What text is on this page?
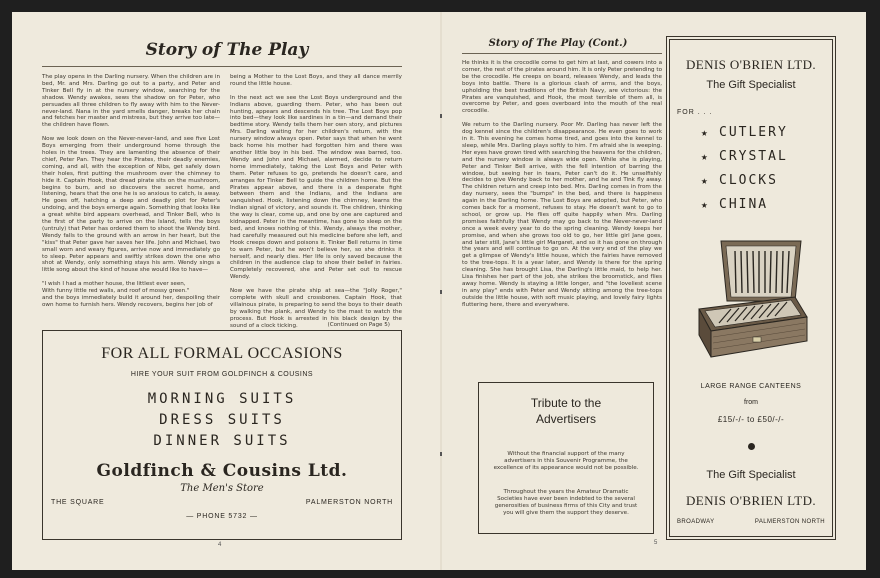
Story of The Play
The play opens in the Darling nursery. When the children are in bed, Mr. and Mrs. Darling go out to a party, and Peter and Tinker Bell fly in at the nursery window, searching for the shadow. Wendy awakes, sews the shadow on for Peter, who persuades all three children to fly away with him to the Never-never-land. Nana in the yard smells danger, breaks her chain and fetches her master and mistress, but they arrive too late—the children have flown.

Now we look down on the Never-never-land, and see five Lost Boys emerging from their underground home through the holes in the trees. They are lamenting the absence of their chief, Peter Pan. They hear the Pirates, their deadly enemies, coming, and all, with the exception of Nibs, get safely down their holes, first putting the mushroom over the chimney to hide it. Captain Hook, that dread pirate sits on the mushroom, begins to burn, and so discovers the secret home, and listening, hears that the one he is so anxious to catch, is away. He goes off, hatching a deep and deadly plot for Peter's undoing, and the boys emerge again. Something that looks like a great white bird appears overhead, and Tinker Bell, who is the first of the party to arrive on the Island, tells the boys (untruly) that Peter has ordered them to shoot the Wendy bird. Wendy falls to the ground with an arrow in her heart, but the "kiss" that Peter gave her saves her life. John and Michael, two small worn and weary figures, arrive now and immediately go to sleep. Peter appears and swiftly strikes down the one who shot at Wendy, only something stays his arm. Wendy sings a little song about the kind of house she would like to have—

"I wish I had a mother house, the littlest ever seen,
With funny little red walls, and roof of mossy green."
and the boys immediately build it around her, despoiling their own home to furnish hers. Wendy recovers, begins her job of
being a Mother to the Lost Boys, and they all dance merrily round the little house.

In the next act we see the Lost Boys underground and the Indians above, guarding them. Peter, who has been out hunting, appears and descends his tree. The Lost Boys pop into bed—they look like sardines in a tin—and demand their bedtime story. Wendy tells them her own story, and pictures Mrs. Darling waiting for her children's return, with the nursery window always open. Peter says that when he went back home his mother had forgotten him and there was another little boy in his bed. The window was barred, too. Wendy and John and Michael, alarmed, decide to return home immediately, taking the Lost Boys and Peter with them. Peter refuses to go, pretends he doesn't care, and arranges for Tinker Bell to guide the children home. But the Pirates appear above, and there is a desperate fight between them and the Indians, and the Indians are vanquished. Hook, listening down the chimney, learns the Indian signal of victory, and sounds it. The children, thinking the way is clear, come up, and one by one are captured and kidnapped. Peter in the meantime, has gone to sleep on the bed, and knows nothing of this. Wendy, always the mother, had carefully measured out his medicine before she left, and Hook creeps down and poisons it. Tinker Bell returns in time to warn Peter, but he won't believe her, so she drinks it herself, and nearly dies. Her life is only saved because the children in the audience clap to show their belief in fairies. Completely recovered, she and Peter set out to rescue Wendy.

Now we have the pirate ship at sea—the "Jolly Roger," complete with skull and crossbones. Captain Hook, that villainous pirate, is preparing to send the boys to their death by walking the plank, and Wendy to the mast to watch the process. But Hook is arrested in his black design by the sound of a clock ticking.	(Continued on Page 5)
FOR ALL FORMAL OCCASIONS
HIRE YOUR SUIT FROM GOLDFINCH & COUSINS
MORNING SUITS
DRESS SUITS
DINNER SUITS
Goldfinch & Cousins Ltd.
The Men's Store
THE SQUARE	PALMERSTON NORTH
— PHONE 5732 —
4
Story of The Play (Cont.)
He thinks it is the crocodile come to get him at last, and cowers into a corner, the rest of the pirates around him. It is only Peter pretending to be the crocodile. He creeps on board, releases Wendy, and leads the boys into battle. There is a glorious clash of arms, and the boys, upholding the best traditions of the British Navy, are victorious: the Pirates are vanquished, and Hook, the most terrible of them all, is overcome by Peter, and goes overboard into the mouth of the real crocodile.

We return to the Darling nursery. Poor Mr. Darling has never left the dog kennel since the children's disappearance. He even goes to work in it. This evening he comes home tired, and goes into the kennel to sleep, while Mrs. Darling plays softly to him. I'm afraid she is weeping. Her eyes have grown tired with searching the heavens for the children, and the nursery window is always wide open. While she is playing, Peter and Tinker Bell arrive, with the fell intention of barring the window, but seeing her in tears, Peter can't do it. He unselfishly decides to give Wendy back to her mother, and he and Tink fly away. The children return and creep into bed. Mrs. Darling comes in from the day nursery, sees the "bumps" in the bed, and there is happiness again in the Darling home. The Lost Boys are adopted, but Peter, who comes back for a moment, refuses to stay. He doesn't want to go to school, or grow up. He flies off quite happily when Mrs. Darling promises faithfully that Wendy may go back to the Never-never-land once a week every year to do the spring cleaning. Wendy keeps her promise, and when she grows too old to go, her little girl Jane goes, and later still, Jane's little girl Margaret, and so it has gone on through the years and will continue to go on. At the very end of the play we get a glimpse of Wendy's little house, which the fairies have removed to the tree-tops. It is a year later, and Wendy is there for the spring cleaning. She has brought Lisa, the Darling's little maid, to help her. Lisa finishes her part of the job, she strikes the broomstick, and flies away home. Wendy is staying a little longer, and "the loveliest scene in any play" ends with Peter and Wendy sitting among the tree-tops outside the little house, with soft music playing, and lovely fairy lights fluttering here, there and everywhere.
Tribute to the Advertisers
Without the financial support of the many advertisers in this Souvenir Programme, the excellence of its appearance would not be possible.
Throughout the years the Amateur Dramatic Societies have ever been indebted to the several generosities of business firms of this City and trust you will give them the support they deserve.
DENIS O'BRIEN LTD.
The Gift Specialist
FOR . . .
★ CUTLERY
★ CRYSTAL
★ CLOCKS
★ CHINA
LARGE RANGE CANTEENS
from
£15/-/- to £50/-/-
The Gift Specialist
DENIS O'BRIEN LTD.
BROADWAY	PALMERSTON NORTH
5
